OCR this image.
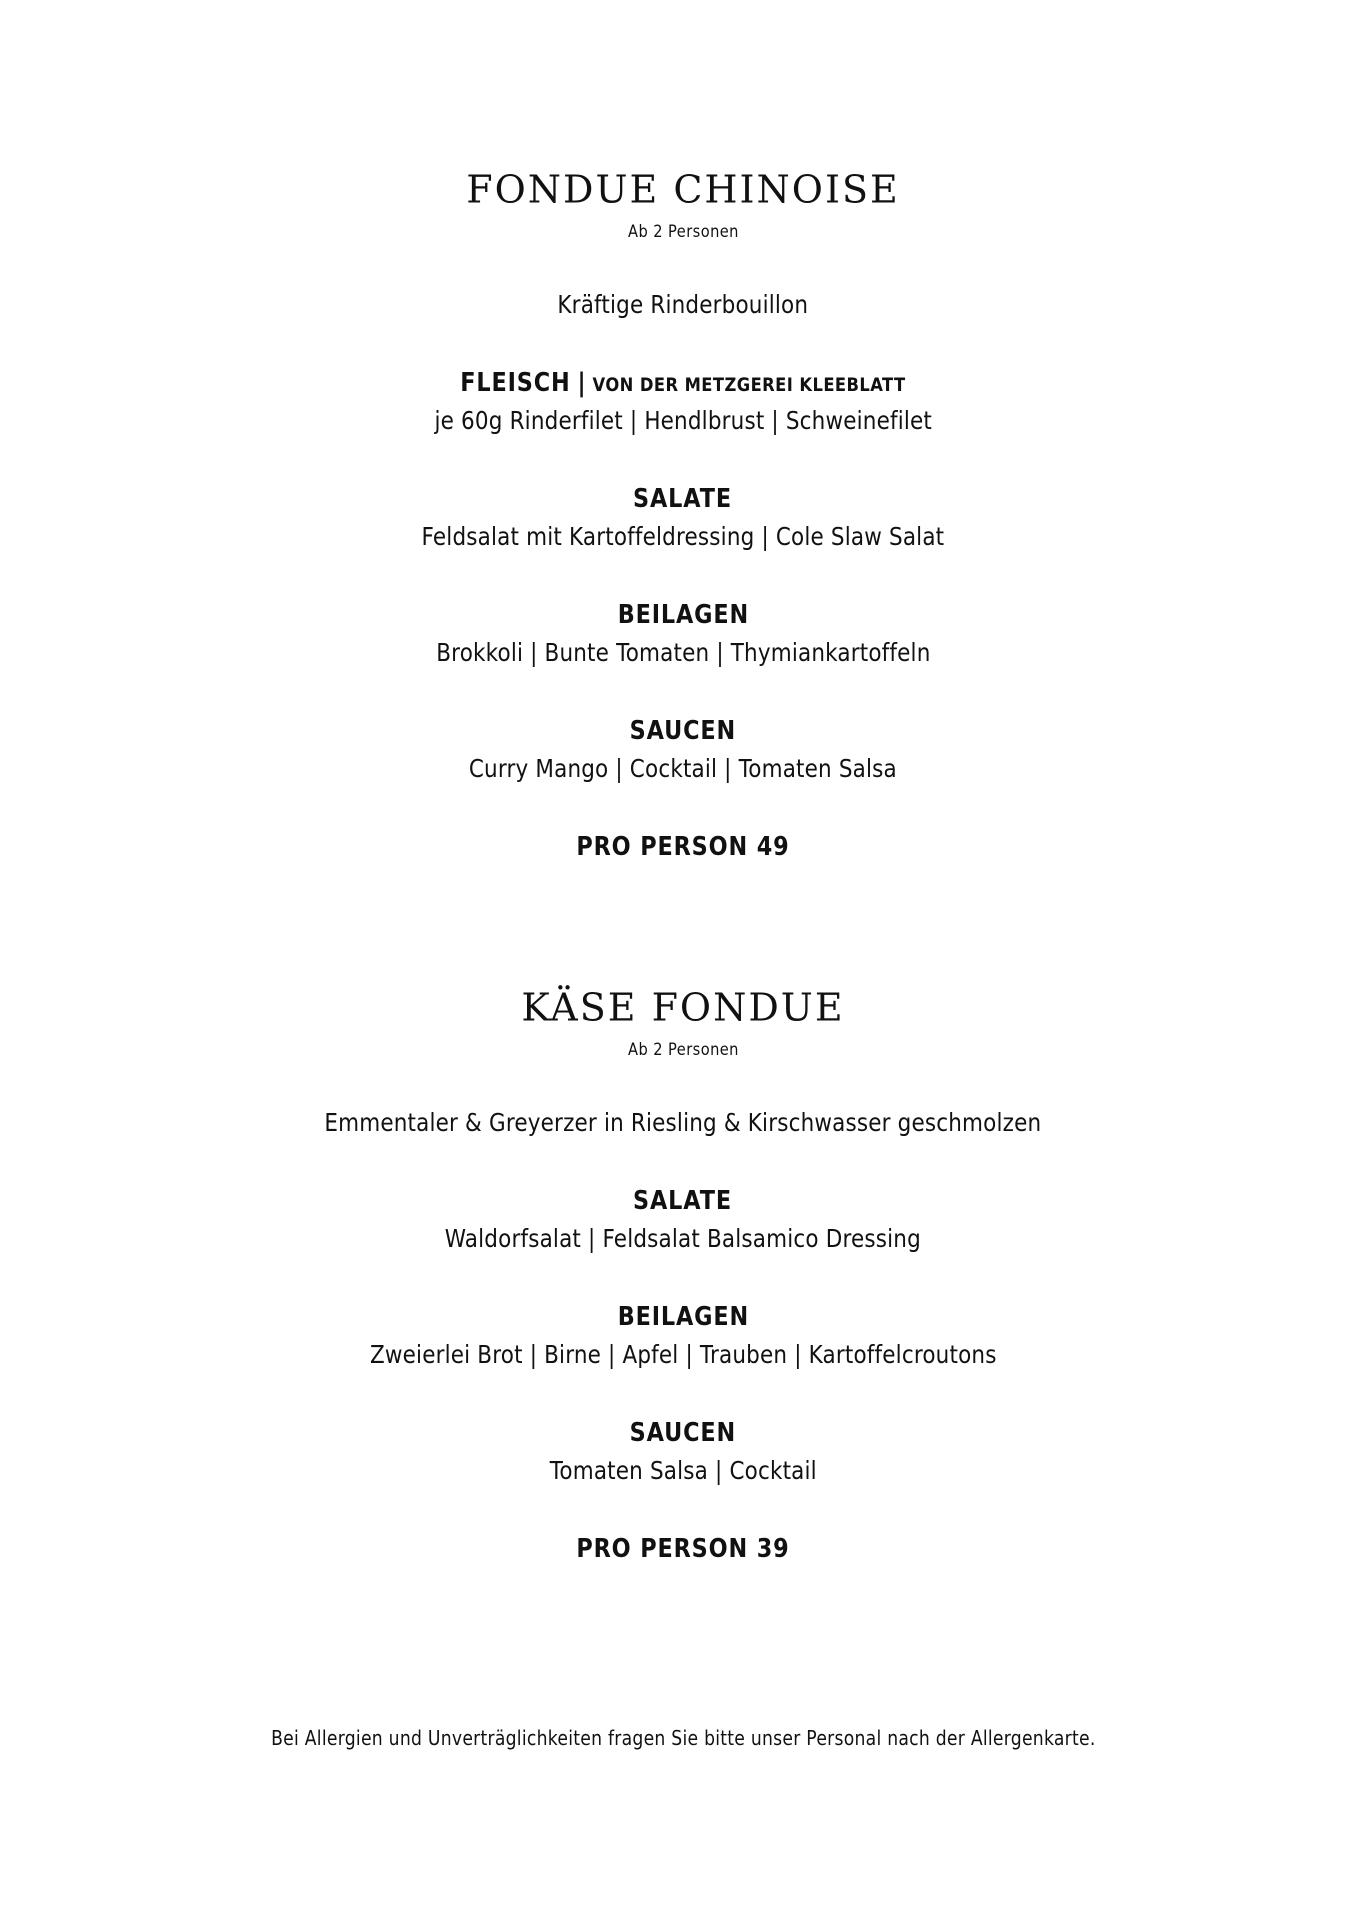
FONDUE CHINOISE
Ab 2 Personen
Kräftige Rinderbouillon
FLEISCH | VON DER METZGEREI KLEEBLATT
je 60g Rinderfilet | Hendlbrust | Schweinefilet
SALATE
Feldsalat mit Kartoffeldressing | Cole Slaw Salat
BEILAGEN
Brokkoli | Bunte Tomaten | Thymiankartoffeln
SAUCEN
Curry Mango | Cocktail | Tomaten Salsa
PRO PERSON 49
KÄSE FONDUE
Ab 2 Personen
Emmentaler & Greyerzer in Riesling & Kirschwasser geschmolzen
SALATE
Waldorfsalat | Feldsalat Balsamico Dressing
BEILAGEN
Zweierlei Brot | Birne | Apfel | Trauben | Kartoffelcroutons
SAUCEN
Tomaten Salsa | Cocktail
PRO PERSON 39
Bei Allergien und Unverträglichkeiten fragen Sie bitte unser Personal nach der Allergenkarte.
